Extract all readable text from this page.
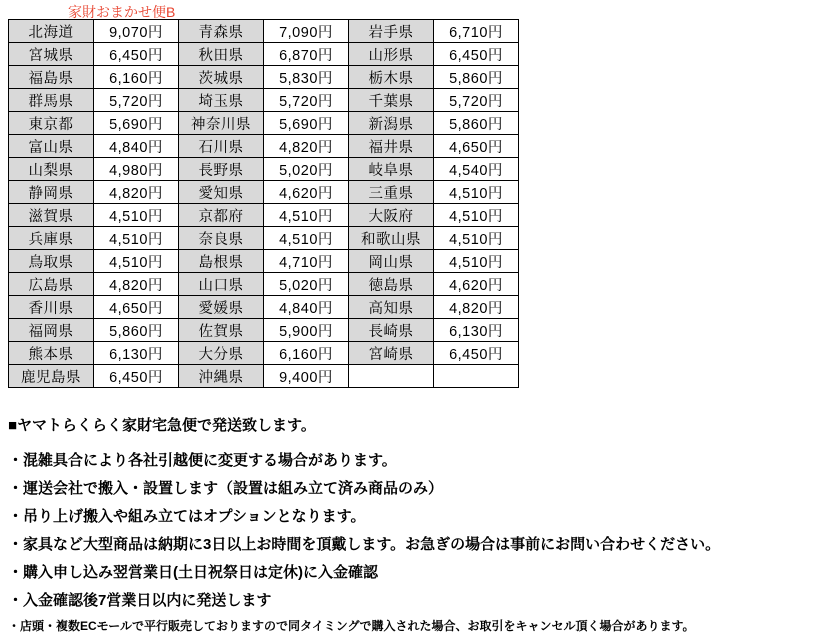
家財おまかせ便B
北海道	9,070円	青森県	7,090円	岩手県	6,710円
宮城県	6,450円	秋田県	6,870円	山形県	6,450円
福島県	6,160円	茨城県	5,830円	栃木県	5,860円
群馬県	5,720円	埼玉県	5,720円	千葉県	5,720円
東京都	5,690円	神奈川県	5,690円	新潟県	5,860円
富山県	4,840円	石川県	4,820円	福井県	4,650円
山梨県	4,980円	長野県	5,020円	岐阜県	4,540円
静岡県	4,820円	愛知県	4,620円	三重県	4,510円
滋賀県	4,510円	京都府	4,510円	大阪府	4,510円
兵庫県	4,510円	奈良県	4,510円	和歌山県	4,510円
鳥取県	4,510円	島根県	4,710円	岡山県	4,510円
広島県	4,820円	山口県	5,020円	徳島県	4,620円
香川県	4,650円	愛媛県	4,840円	高知県	4,820円
福岡県	5,860円	佐賀県	5,900円	長崎県	6,130円
熊本県	6,130円	大分県	6,160円	宮崎県	6,450円
鹿児島県	6,450円	沖縄県	9,400円		

■ヤマトらくらく家財宅急便で発送致します。

・混雑具合により各社引越便に変更する場合があります。

・運送会社で搬入・設置します（設置は組み立て済み商品のみ）

・吊り上げ搬入や組み立てはオプションとなります。

・家具など大型商品は納期に3日以上お時間を頂戴します。お急ぎの場合は事前にお問い合わせください。

・購入申し込み翌営業日(土日祝祭日は定休)に入金確認

・入金確認後7営業日以内に発送します

・店頭・複数ECモールで平行販売しておりますので同タイミングで購入された場合、お取引をキャンセル頂く場合があります。
